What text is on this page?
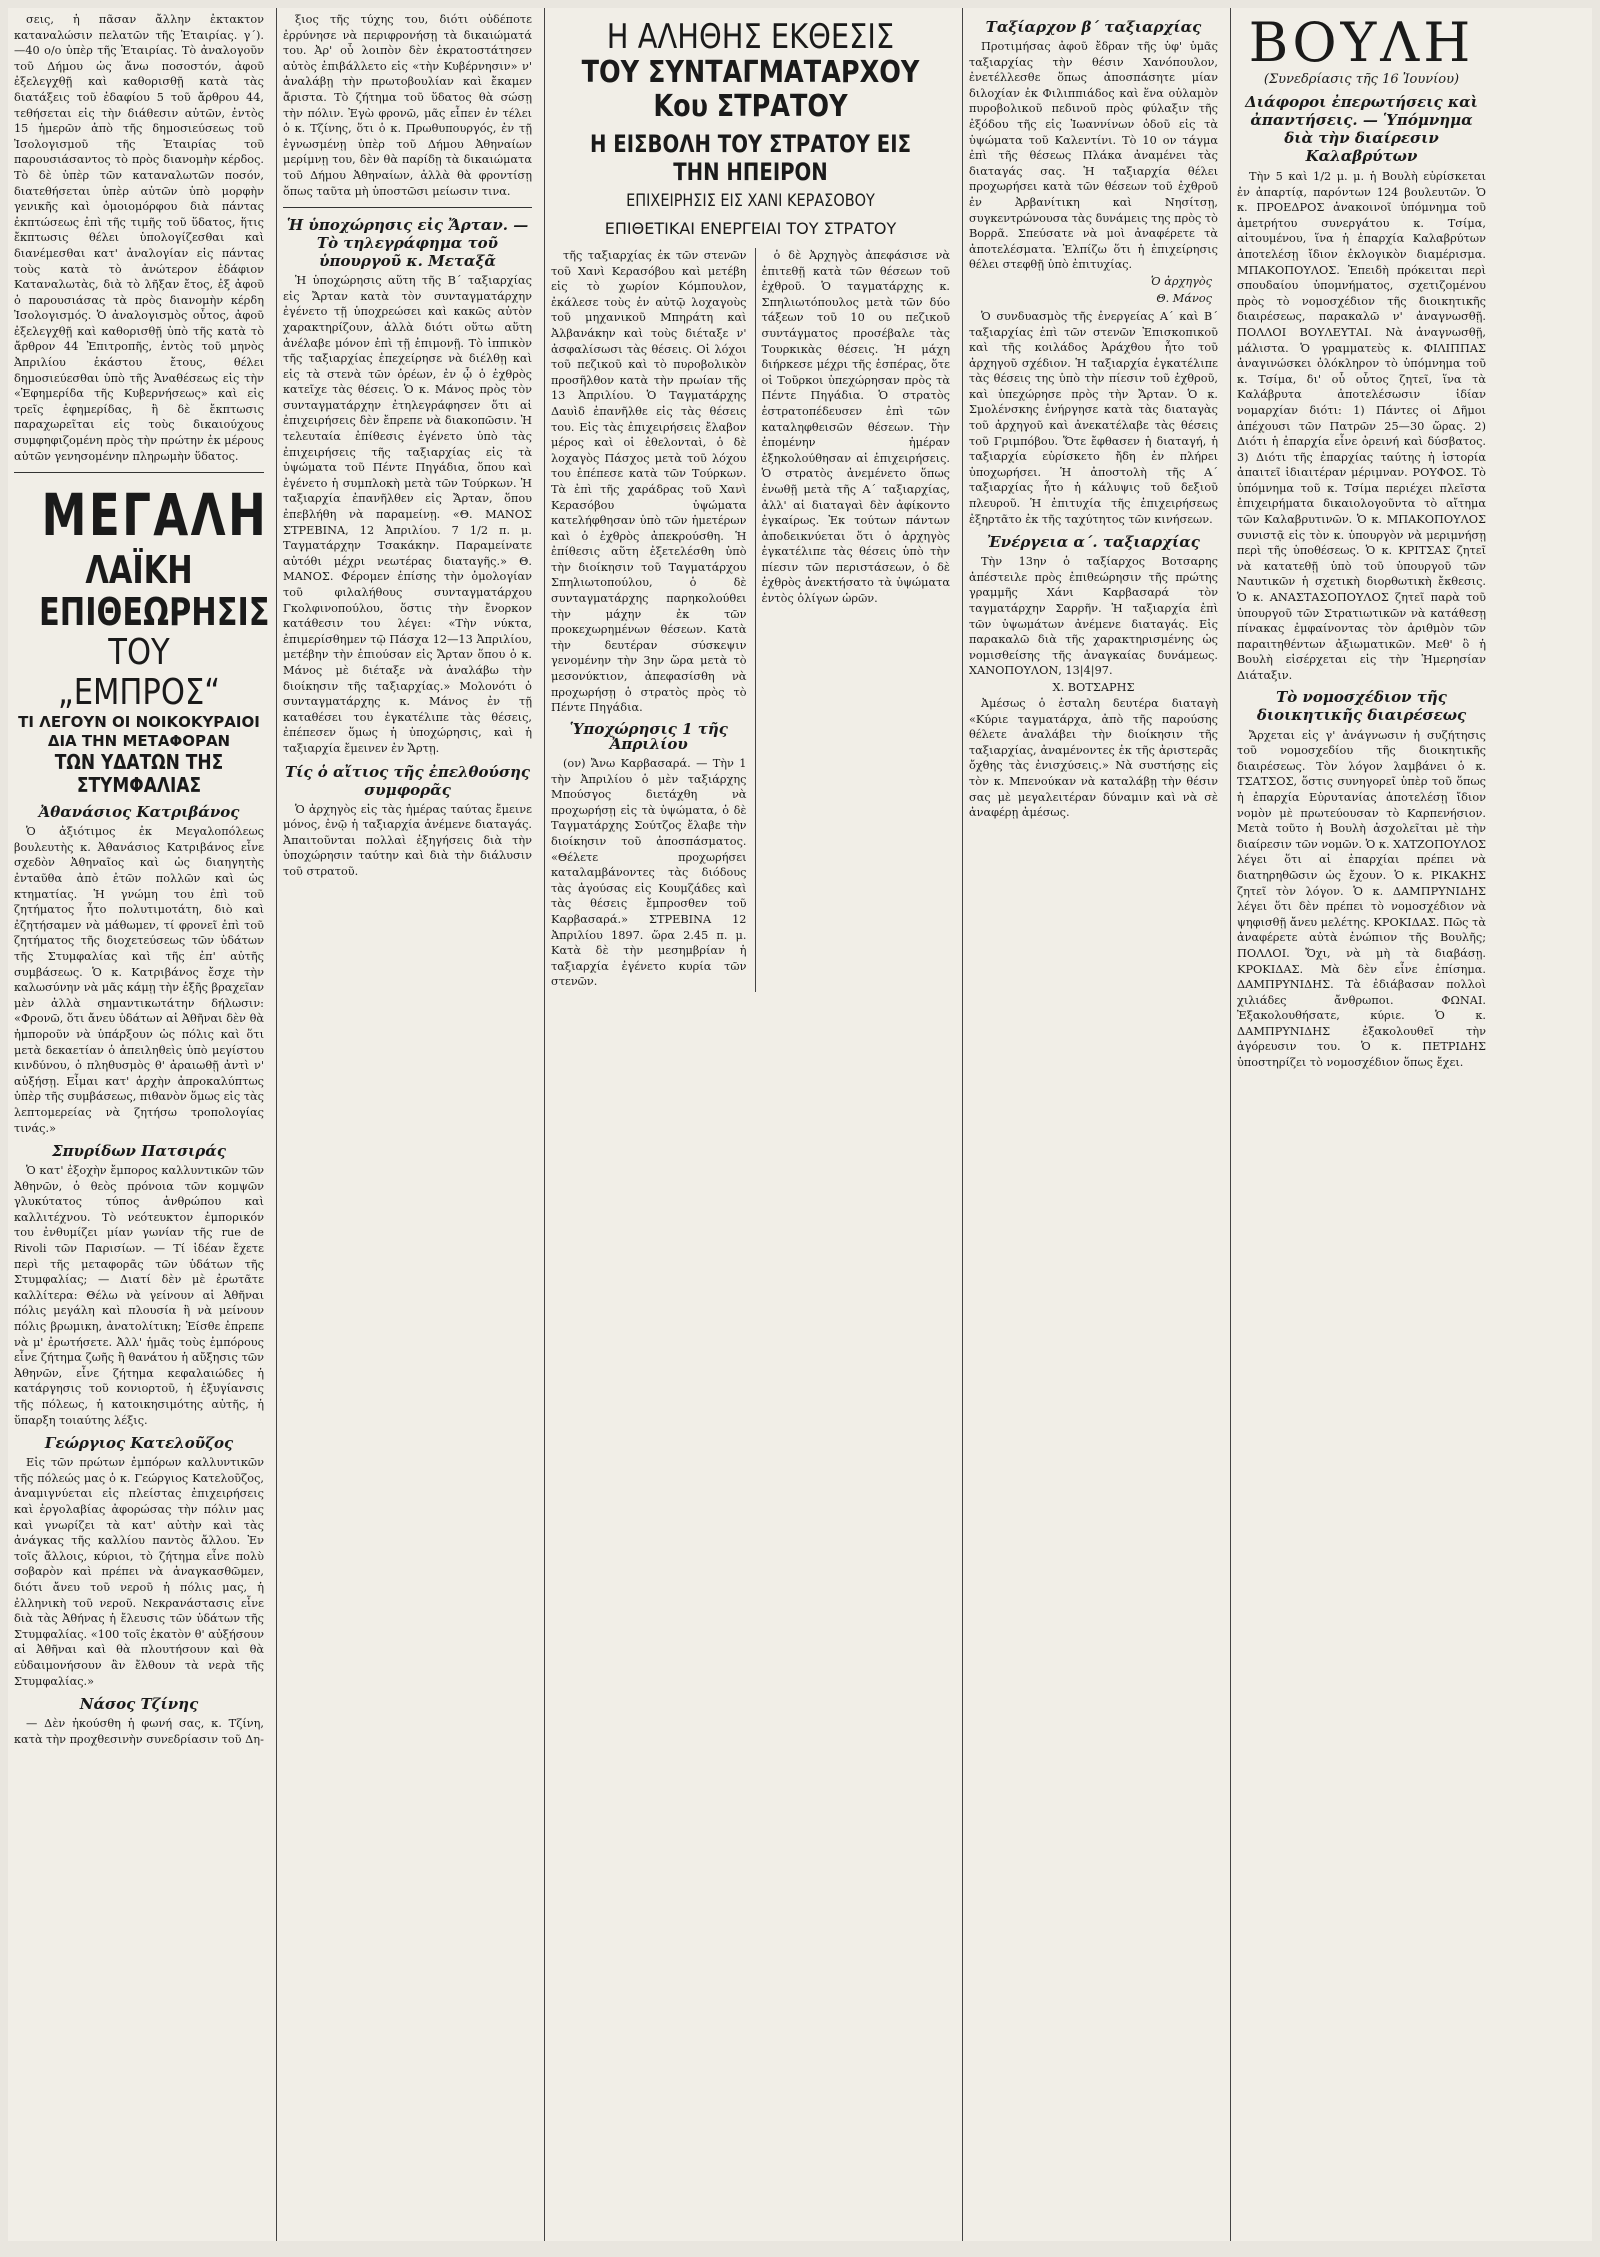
σεις, ἡ πᾶσαν ἄλλην ἐκτακτον καταναλώσιν πελατῶν τῆς Ἑταιρίας. γ΄).—40 ο/ο ὑπὲρ τῆς Ἑταιρίας. Τὸ ἀναλογοῦν τοῦ Δήμου ὡς ἄνω ποσοστόν, ἀφοῦ ἐξελεγχθῇ καὶ καθορισθῇ κατὰ τὰς διατάξεις τοῦ ἐδαφίου 5 τοῦ ἄρθρου 44, τεθήσεται εἰς τὴν διάθεσιν αὐτῶν, ἐντὸς 15 ἡμερῶν ἀπὸ τῆς δημοσιεύσεως τοῦ Ἰσολογισμοῦ τῆς Ἑταιρίας τοῦ παρουσιάσαντος τὸ πρὸς διανομὴν κέρδος. Τὸ δὲ ὑπὲρ τῶν καταναλωτῶν ποσόν, διατεθήσεται ὑπὲρ αὐτῶν ὑπὸ μορφὴν γενικῆς καὶ ὁμοιομόρφου διὰ πάντας ἐκπτώσεως ἐπὶ τῆς τιμῆς τοῦ ὕδατος, ἥτις ἔκπτωσις θέλει ὑπολογίζεσθαι καὶ διανέμεσθαι κατ' ἀναλογίαν εἰς πάντας τοὺς κατὰ τὸ ἀνώτερον ἐδάφιον Καταναλωτὰς, διὰ τὸ λῆξαν ἔτος, ἐξ ἀφοῦ ὁ παρουσιάσας τὰ πρὸς διανομὴν κέρδη Ἰσολογισμός. Ὁ ἀναλογισμὸς οὗτος, ἀφοῦ ἐξελεγχθῇ καὶ καθορισθῇ ὑπὸ τῆς κατὰ τὸ ἄρθρον 44 Ἐπιτροπῆς, ἐντὸς τοῦ μηνὸς Ἀπριλίου ἑκάστου ἔτους, θέλει δημοσιεύεσθαι ὑπὸ τῆς Ἀναθέσεως εἰς τὴν «Ἐφημερίδα τῆς Κυβερνήσεως» καὶ εἰς τρεῖς ἐφημερίδας, ἢ δὲ ἔκπτωσις παραχωρεῖται εἰς τοὺς δικαιούχους συμφηφιζομένη πρὸς τὴν πρώτην ἐκ μέρους αὐτῶν γενησομένην πληρωμὴν ὕδατος.

ΜΕΓΑΛΗ
ΛΑΪΚΗ ΕΠΙΘΕΩΡΗΣΙΣ
ΤΟΥ „ΕΜΠΡΟΣ“
ΤΙ ΛΕΓΟΥΝ ΟΙ ΝΟΙΚΟΚΥΡΑΙΟΙ
ΔΙΑ ΤΗΝ ΜΕΤΑΦΟΡΑΝ
ΤΩΝ ΥΔΑΤΩΝ ΤΗΣ ΣΤΥΜΦΑΛΙΑΣ
Ἀθανάσιος Κατριβάνος

Ὁ ἀξιότιμος ἐκ Μεγαλοπόλεως βουλευτὴς κ. Ἀθανάσιος Κατριβάνος εἶνε σχεδὸν Ἀθηναῖος καὶ ὡς διαηγητὴς ἐνταῦθα ἀπὸ ἐτῶν πολλῶν καὶ ὡς κτηματίας. Ἡ γνώμη του ἐπὶ τοῦ ζητήματος ἦτο πολυτιμοτάτη, διὸ καὶ ἐζητήσαμεν νὰ μάθωμεν, τί φρονεῖ ἐπὶ τοῦ ζητήματος τῆς διοχετεύσεως τῶν ὑδάτων τῆς Στυμφαλίας καὶ τῆς ἐπ' αὐτῆς συμβάσεως. Ὁ κ. Κατριβάνος ἔσχε τὴν καλωσύνην νὰ μᾶς κάμῃ τὴν ἑξῆς βραχεῖαν μὲν ἀλλὰ σημαντικωτάτην δήλωσιν: «Φρονῶ, ὅτι ἄνευ ὑδάτων αἱ Ἀθῆναι δὲν θὰ ἠμποροῦν νὰ ὑπάρξουν ὡς πόλις καὶ ὅτι μετὰ δεκαετίαν ὁ ἀπειληθεὶς ὑπὸ μεγίστου κινδύνου, ὁ πληθυσμὸς θ' ἀραιωθῇ ἀντὶ ν' αὐξήσῃ. Εἶμαι κατ' ἀρχὴν ἀπροκαλύπτως ὑπὲρ τῆς συμβάσεως, πιθανὸν ὅμως εἰς τὰς λεπτομερείας νὰ ζητήσω τροπολογίας τινάς.»

Σπυρίδων Πατσιράς

Ὁ κατ' ἐξοχὴν ἔμπορος καλλυντικῶν τῶν Ἀθηνῶν, ὁ θεὸς πρόνοια τῶν κομψῶν γλυκύτατος τύπος ἀνθρώπου καὶ καλλιτέχνου. Τὸ νεότευκτον ἐμπορικόν του ἐνθυμίζει μίαν γωνίαν τῆς rue de Rivoli τῶν Παρισίων. — Τί ἰδέαν ἔχετε περὶ τῆς μεταφορᾶς τῶν ὑδάτων τῆς Στυμφαλίας; — Διατί δὲν μὲ ἐρωτᾶτε καλλίτερα: Θέλω νὰ γείνουν αἱ Ἀθῆναι πόλις μεγάλη καὶ πλουσία ἢ νὰ μείνουν πόλις βρωμικη, ἀνατολίτικη; Ἐίσθε ἐπρεπε νὰ μ' ἐρωτήσετε. Ἀλλ' ἡμᾶς τοὺς ἐμπόρους εἶνε ζήτημα ζωῆς ἢ θανάτου ἡ αὔξησις τῶν Ἀθηνῶν, εἶνε ζήτημα κεφαλαιώδες ἡ κατάργησις τοῦ κονιορτοῦ, ἡ ἐξυγίανσις τῆς πόλεως, ἡ κατοικησιμότης αὐτῆς, ἡ ὕπαρξη τοιαύτης λέξις.

Γεώργιος Κατελοῦζος

Εἰς τῶν πρώτων ἐμπόρων καλλυντικῶν τῆς πόλεώς μας ὁ κ. Γεώργιος Κατελοῦζος, ἀναμιγνύεται εἰς πλείστας ἐπιχειρήσεις καὶ ἐργολαβίας ἀφορώσας τὴν πόλιν μας καὶ γνωρίζει τὰ κατ' αὐτὴν καὶ τὰς ἀνάγκας τῆς καλλίου παντὸς ἄλλου. Ἐν τοῖς ἄλλοις, κύριοι, τὸ ζήτημα εἶνε πολὺ σοβαρὸν καὶ πρέπει νὰ ἀναγκασθῶμεν, διότι ἄνευ τοῦ νεροῦ ἡ πόλις μας, ἡ ἐλληνικὴ τοῦ νεροῦ. Νεκρανάστασις εἶνε διὰ τὰς Ἀθήνας ἡ ἔλευσις τῶν ὑδάτων τῆς Στυμφαλίας. «100 τοῖς ἑκατὸν θ' αὐξήσουν αἱ Ἀθῆναι καὶ θὰ πλουτήσουν καὶ θὰ εὐδαιμονήσουν ἂν ἔλθουν τὰ νερὰ τῆς Στυμφαλίας.»

Νάσος Τζίνης

— Δὲν ἠκούσθη ἡ φωνή σας, κ. Τζίνη, κατὰ τὴν προχθεσινὴν συνεδρίασιν τοῦ Δη-

ξιος τῆς τύχης του, διότι οὐδέποτε ἐρρύνησε νὰ περιφρονήσῃ τὰ δικαιώματά του. Ἀρ' οὗ λοιπὸν δὲν ἐκρατοστάτησεν αὐτὸς ἐπιβάλλετο εἰς «τὴν Κυβέρνησιν» ν' ἀναλάβῃ τὴν πρωτοβουλίαν καὶ ἔκαμεν ἄριστα. Τὸ ζήτημα τοῦ ὕδατος θὰ σώσῃ τὴν πόλιν. Ἐγὼ φρονῶ, μᾶς εἶπεν ἐν τέλει ὁ κ. Τζίνης, ὅτι ὁ κ. Πρωθυπουργός, ἐν τῇ ἐγνωσμένῃ ὑπὲρ τοῦ Δήμου Ἀθηναίων μερίμνῃ του, δὲν θὰ παρίδῃ τὰ δικαιώματα τοῦ Δήμου Ἀθηναίων, ἀλλὰ θὰ φροντίσῃ ὅπως ταῦτα μὴ ὑποστῶσι μείωσιν τινα.

Ἡ ὑποχώρησις εἰς Ἄρταν. — Τὸ τηλεγράφημα τοῦ ὑπουργοῦ κ. Μεταξᾶ

Ἡ ὑποχώρησις αὕτη τῆς Β΄ ταξιαρχίας εἰς Ἄρταν κατὰ τὸν συνταγματάρχην ἐγένετο τῇ ὑποχρεώσει καὶ κακῶς αὐτὸν χαρακτηρίζουν, ἀλλὰ διότι οὕτω αὕτη ἀνέλαβε μόνον ἐπὶ τῇ ἐπιμονῇ. Τὸ ἱππικὸν τῆς ταξιαρχίας ἐπεχείρησε νὰ διέλθῃ καὶ εἰς τὰ στενὰ τῶν ὀρέων, ἐν ᾧ ὁ ἐχθρὸς κατεῖχε τὰς θέσεις. Ὁ κ. Μάνος πρὸς τὸν συνταγματάρχην ἐτηλεγράφησεν ὅτι αἱ ἐπιχειρήσεις δὲν ἔπρεπε νὰ διακοπῶσιν. Ἡ τελευταία ἐπίθεσις ἐγένετο ὑπὸ τὰς ἐπιχειρήσεις τῆς ταξιαρχίας εἰς τὰ ὑψώματα τοῦ Πέντε Πηγάδια, ὅπου καὶ ἐγένετο ἡ συμπλοκὴ μετὰ τῶν Τούρκων. Ἡ ταξιαρχία ἐπανῆλθεν εἰς Ἄρταν, ὅπου ἐπεβλήθη νὰ παραμείνῃ. «Θ. ΜΑΝΟΣ ΣΤΡΕΒΙΝΑ, 12 Ἀπριλίου. 7 1/2 π. μ. Ταγματάρχην Τσακάκην. Παραμείνατε αὐτόθι μέχρι νεωτέρας διαταγῆς.» Θ. ΜΑΝΟΣ. Φέρομεν ἐπίσης τὴν ὁμολογίαν τοῦ φιλαλήθους συνταγματάρχου Γκολφινοπούλου, ὅστις τὴν ἔνορκον κατάθεσιν του λέγει: «Τὴν νύκτα, ἐπιμερίσθημεν τῷ Πάσχα 12—13 Ἀπριλίου, μετέβην τὴν ἐπιούσαν εἰς Ἄρταν ὅπου ὁ κ. Μάνος μὲ διέταξε νὰ ἀναλάβω τὴν διοίκησιν τῆς ταξιαρχίας.» Μολονότι ὁ συνταγματάρχης κ. Μάνος ἐν τῇ καταθέσει του ἐγκατέλιπε τὰς θέσεις, ἐπέπεσεν ὅμως ἡ ὑποχώρησις, καὶ ἡ ταξιαρχία ἔμεινεν ἐν Ἄρτῃ.

Τίς ὁ αἴτιος τῆς ἐπελθούσης συμφορᾶς

Ὁ ἀρχηγὸς εἰς τὰς ἡμέρας ταύτας ἔμεινε μόνος, ἐνῷ ἡ ταξιαρχία ἀνέμενε διαταγάς. Ἀπαιτοῦνται πολλαὶ ἐξηγήσεις διὰ τὴν ὑποχώρησιν ταύτην καὶ διὰ τὴν διάλυσιν τοῦ στρατοῦ.

Η ΑΛΗΘΗΣ ΕΚΘΕΣΙΣ
ΤΟΥ ΣΥΝΤΑΓΜΑΤΑΡΧΟΥ Κου ΣΤΡΑΤΟΥ
Η ΕΙΣΒΟΛΗ ΤΟΥ ΣΤΡΑΤΟΥ ΕΙΣ ΤΗΝ ΗΠΕΙΡΟΝ
ΕΠΙΧΕΙΡΗΣΙΣ ΕΙΣ ΧΑΝΙ ΚΕΡΑΣΟΒΟΥ
ΕΠΙΘΕΤΙΚΑΙ ΕΝΕΡΓΕΙΑΙ ΤΟΥ ΣΤΡΑΤΟΥ

τῆς ταξιαρχίας ἐκ τῶν στενῶν τοῦ Χανὶ Κερασόβου καὶ μετέβη εἰς τὸ χωρίον Κόμπουλον, ἐκάλεσε τοὺς ἐν αὐτῷ λοχαγοὺς τοῦ μηχανικοῦ Μπηράτη καὶ Ἀλβανάκην καὶ τοὺς διέταξε ν' ἀσφαλίσωσι τὰς θέσεις. Οἱ λόχοι τοῦ πεζικοῦ καὶ τὸ πυροβολικὸν προσῆλθον κατὰ τὴν πρωίαν τῆς 13 Ἀπριλίου. Ὁ Ταγματάρχης Δαυὶδ ἐπανῆλθε εἰς τὰς θέσεις του. Εἰς τὰς ἐπιχειρήσεις ἔλαβον μέρος καὶ οἱ ἐθελονταὶ, ὁ δὲ λοχαγὸς Πάσχος μετὰ τοῦ λόχου του ἐπέπεσε κατὰ τῶν Τούρκων. Τὰ ἐπὶ τῆς χαράδρας τοῦ Χανὶ Κερασόβου ὑψώματα κατελήφθησαν ὑπὸ τῶν ἡμετέρων καὶ ὁ ἐχθρὸς ἀπεκρούσθη. Ἡ ἐπίθεσις αὕτη ἐξετελέσθη ὑπὸ τὴν διοίκησιν τοῦ Ταγματάρχου Σπηλιωτοπούλου, ὁ δὲ συνταγματάρχης παρηκολούθει τὴν μάχην ἐκ τῶν προκεχωρημένων θέσεων. Κατὰ τὴν δευτέραν σύσκεψιν γενομένην τὴν 3ην ὥρα μετὰ τὸ μεσονύκτιον, ἀπεφασίσθη νὰ προχωρήσῃ ὁ στρατὸς πρὸς τὸ Πέντε Πηγάδια.

Ὑποχώρησις 1 τῆς Ἀπριλίου

(ον) Ἄνω Καρβασαρά. — Τὴν 1 τὴν Ἀπριλίου ὁ μὲν ταξιάρχης Μπούσγος διετάχθη νὰ προχωρήσῃ εἰς τὰ ὑψώματα, ὁ δὲ Ταγματάρχης Σούτζος ἔλαβε τὴν διοίκησιν τοῦ ἀποσπάσματος. «Θέλετε προχωρήσει καταλαμβάνοντες τὰς διόδους τὰς ἀγούσας εἰς Κουμζάδες καὶ τὰς θέσεις ἔμπροσθεν τοῦ Καρβασαρά.» ΣΤΡΕΒΙΝΑ 12 Ἀπριλίου 1897. ὥρα 2.45 π. μ. Κατὰ δὲ τὴν μεσημβρίαν ἡ ταξιαρχία ἐγένετο κυρία τῶν στενῶν.

ὁ δὲ Ἀρχηγὸς ἀπεφάσισε νὰ ἐπιτεθῇ κατὰ τῶν θέσεων τοῦ ἐχθροῦ. Ὁ ταγματάρχης κ. Σπηλιωτόπουλος μετὰ τῶν δύο τάξεων τοῦ 10 ου πεζικοῦ συντάγματος προσέβαλε τὰς Τουρκικὰς θέσεις. Ἡ μάχη διήρκεσε μέχρι τῆς ἑσπέρας, ὅτε οἱ Τοῦρκοι ὑπεχώρησαν πρὸς τὰ Πέντε Πηγάδια. Ὁ στρατὸς ἐστρατοπέδευσεν ἐπὶ τῶν καταληφθεισῶν θέσεων. Τὴν ἐπομένην ἡμέραν ἐξηκολούθησαν αἱ ἐπιχειρήσεις. Ὁ στρατὸς ἀνεμένετο ὅπως ἐνωθῇ μετὰ τῆς Α΄ ταξιαρχίας, ἀλλ' αἱ διαταγαὶ δὲν ἀφίκοντο ἐγκαίρως. Ἐκ τούτων πάντων ἀποδεικνύεται ὅτι ὁ ἀρχηγὸς ἐγκατέλιπε τὰς θέσεις ὑπὸ τὴν πίεσιν τῶν περιστάσεων, ὁ δὲ ἐχθρὸς ἀνεκτήσατο τὰ ὑψώματα ἐντὸς ὀλίγων ὡρῶν.

Ταξίαρχον β΄ ταξιαρχίας

Προτιμήσας ἀφοῦ ἔδραν τῆς ὑφ' ὑμᾶς ταξιαρχίας τὴν θέσιν Χανόπουλον, ἐνετέλλεσθε ὅπως ἀποσπάσητε μίαν διλοχίαν ἐκ Φιλιππιάδος καὶ ἕνα οὐλαμὸν πυροβολικοῦ πεδινοῦ πρὸς φύλαξιν τῆς ἐξόδου τῆς εἰς Ἰωαννίνων ὁδοῦ εἰς τὰ ὑψώματα τοῦ Καλεντίνι. Τὸ 10 ον τάγμα ἐπὶ τῆς θέσεως Πλάκα ἀναμένει τὰς διαταγάς σας. Ἡ ταξιαρχία θέλει προχωρήσει κατὰ τῶν θέσεων τοῦ ἐχθροῦ ἐν Ἀρβανίτικη καὶ Νησίτσῃ, συγκεντρώνουσα τὰς δυνάμεις της πρὸς τὸ Βορρᾶ. Σπεύσατε νὰ μοὶ ἀναφέρετε τὰ ἀποτελέσματα. Ἐλπίζω ὅτι ἡ ἐπιχείρησις θέλει στεφθῇ ὑπὸ ἐπιτυχίας.

Ὁ ἀρχηγὸς
Θ. Μάνος

Ὁ συνδυασμὸς τῆς ἐνεργείας Α΄ καὶ Β΄ ταξιαρχίας ἐπὶ τῶν στενῶν Ἐπισκοπικοῦ καὶ τῆς κοιλάδος Ἀράχθου ἦτο τοῦ ἀρχηγοῦ σχέδιον. Ἡ ταξιαρχία ἐγκατέλιπε τὰς θέσεις της ὑπὸ τὴν πίεσιν τοῦ ἐχθροῦ, καὶ ὑπεχώρησε πρὸς τὴν Ἄρταν. Ὁ κ. Σμολένσκης ἐνήργησε κατὰ τὰς διαταγὰς τοῦ ἀρχηγοῦ καὶ ἀνεκατέλαβε τὰς θέσεις τοῦ Γριμπόβου. Ὅτε ἔφθασεν ἡ διαταγή, ἡ ταξιαρχία εὑρίσκετο ἤδη ἐν πλήρει ὑποχωρήσει. Ἡ ἀποστολὴ τῆς Α΄ ταξιαρχίας ἦτο ἡ κάλυψις τοῦ δεξιοῦ πλευροῦ. Ἡ ἐπιτυχία τῆς ἐπιχειρήσεως ἐξηρτᾶτο ἐκ τῆς ταχύτητος τῶν κινήσεων.

Ἐνέργεια α΄. ταξιαρχίας

Τὴν 13ην ὁ ταξίαρχος Βοτσαρης ἀπέστειλε πρὸς ἐπιθεώρησιν τῆς πρώτης γραμμῆς Χάνι Καρβασαρά τὸν ταγματάρχην Σαρρῆν. Ἡ ταξιαρχία ἐπὶ τῶν ὑψωμάτων ἀνέμενε διαταγάς. Εἰς παρακαλῶ διὰ τῆς χαρακτηρισμένης ὡς νομισθείσης τῆς ἀναγκαίας δυνάμεως. ΧΑΝΟΠΟΥΛΟΝ, 13|4|97.

Χ. ΒΟΤΣΑΡΗΣ

Ἀμέσως ὁ ἐσταλη δευτέρα διαταγὴ «Κύριε ταγματάρχα, ἀπὸ τῆς παρούσης θέλετε ἀναλάβει τὴν διοίκησιν τῆς ταξιαρχίας, ἀναμένοντες ἐκ τῆς ἀριστερᾶς ὄχθης τὰς ἐνισχύσεις.» Νὰ συστήσῃς εἰς τὸν κ. Μπενούκαν νὰ καταλάβῃ τὴν θέσιν σας μὲ μεγαλειτέραν δύναμιν καὶ νὰ σὲ ἀναφέρῃ ἀμέσως.

ΒΟΥΛΗ
(Συνεδρίασις τῆς 16 Ἰουνίου)
Διάφοροι ἐπερωτήσεις καὶ ἀπαντήσεις. — Ὑπόμνημα διὰ τὴν διαίρεσιν Καλαβρύτων

Τὴν 5 καὶ 1/2 μ. μ. ἡ Βουλὴ εὑρίσκεται ἐν ἀπαρτίᾳ, παρόντων 124 βουλευτῶν. Ὁ κ. ΠΡΟΕΔΡΟΣ ἀνακοινοῖ ὑπόμνημα τοῦ ἀμετρήτου συνεργάτου κ. Τσίμα, αἰτουμένου, ἵνα ἡ ἐπαρχία Καλαβρύτων ἀποτελέσῃ ἴδιον ἐκλογικὸν διαμέρισμα. ΜΠΑΚΟΠΟΥΛΟΣ. Ἐπειδὴ πρόκειται περὶ σπουδαίου ὑπομνήματος, σχετιζομένου πρὸς τὸ νομοσχέδιον τῆς διοικητικῆς διαιρέσεως, παρακαλῶ ν' ἀναγνωσθῇ. ΠΟΛΛΟΙ ΒΟΥΛΕΥΤΑΙ. Νὰ ἀναγνωσθῇ, μάλιστα. Ὁ γραμματεὺς κ. ΦΙΛΙΠΠΑΣ ἀναγινώσκει ὁλόκληρον τὸ ὑπόμνημα τοῦ κ. Τσίμα, δι' οὗ οὗτος ζητεῖ, ἵνα τὰ Καλάβρυτα ἀποτελέσωσιν ἰδίαν νομαρχίαν διότι: 1) Πάντες οἱ Δῆμοι ἀπέχουσι τῶν Πατρῶν 25—30 ὥρας. 2) Διότι ἡ ἐπαρχία εἶνε ὀρεινή καὶ δύσβατος. 3) Διότι τῆς ἐπαρχίας ταύτης ἡ ἱστορία ἀπαιτεῖ ἰδιαιτέραν μέριμναν. ΡΟΥΦΟΣ. Τὸ ὑπόμνημα τοῦ κ. Τσίμα περιέχει πλεῖστα ἐπιχειρήματα δικαιολογοῦντα τὸ αἴτημα τῶν Καλαβρυτινῶν. Ὁ κ. ΜΠΑΚΟΠΟΥΛΟΣ συνιστᾷ εἰς τὸν κ. ὑπουργὸν νὰ μεριμνήσῃ περὶ τῆς ὑποθέσεως. Ὁ κ. ΚΡΙΤΣΑΣ ζητεῖ νὰ κατατεθῇ ὑπὸ τοῦ ὑπουργοῦ τῶν Ναυτικῶν ἡ σχετικὴ διορθωτικὴ ἔκθεσις. Ὁ κ. ΑΝΑΣΤΑΣΟΠΟΥΛΟΣ ζητεῖ παρὰ τοῦ ὑπουργοῦ τῶν Στρατιωτικῶν νὰ κατάθεσῃ πίνακας ἐμφαίνοντας τὸν ἀριθμὸν τῶν παραιτηθέντων ἀξιωματικῶν. Μεθ' ὃ ἡ Βουλὴ εἰσέρχεται εἰς τὴν Ἡμερησίαν Διάταξιν.

Τὸ νομοσχέδιον τῆς διοικητικῆς διαιρέσεως

Ἄρχεται εἰς γ' ἀνάγνωσιν ἡ συζήτησις τοῦ νομοσχεδίου τῆς διοικητικῆς διαιρέσεως. Τὸν λόγον λαμβάνει ὁ κ. ΤΣΑΤΣΟΣ, ὅστις συνηγορεῖ ὑπὲρ τοῦ ὅπως ἡ ἐπαρχία Εὐρυτανίας ἀποτελέσῃ ἴδιον νομὸν μὲ πρωτεύουσαν τὸ Καρπενήσιον. Μετὰ τοῦτο ἡ Βουλὴ ἀσχολεῖται μὲ τὴν διαίρεσιν τῶν νομῶν. Ὁ κ. ΧΑΤΖΟΠΟΥΛΟΣ λέγει ὅτι αἱ ἐπαρχίαι πρέπει νὰ διατηρηθῶσιν ὡς ἔχουν. Ὁ κ. ΡΙΚΑΚΗΣ ζητεῖ τὸν λόγον. Ὁ κ. ΔΑΜΠΡΥΝΙΔΗΣ λέγει ὅτι δὲν πρέπει τὸ νομοσχέδιον νὰ ψηφισθῇ ἄνευ μελέτης. ΚΡΟΚΙΔΑΣ. Πῶς τὰ ἀναφέρετε αὐτὰ ἐνώπιον τῆς Βουλῆς; ΠΟΛΛΟΙ. Ὄχι, νὰ μὴ τὰ διαβάσῃ. ΚΡΟΚΙΔΑΣ. Μὰ δὲν εἶνε ἐπίσημα. ΔΑΜΠΡΥΝΙΔΗΣ. Τὰ ἐδιάβασαν πολλοὶ χιλιάδες ἄνθρωποι. ΦΩΝΑΙ. Ἐξακολουθήσατε, κύριε. Ὁ κ. ΔΑΜΠΡΥΝΙΔΗΣ ἐξακολουθεῖ τὴν ἀγόρευσιν του. Ὁ κ. ΠΕΤΡΙΔΗΣ ὑποστηρίζει τὸ νομοσχέδιον ὅπως ἔχει.
